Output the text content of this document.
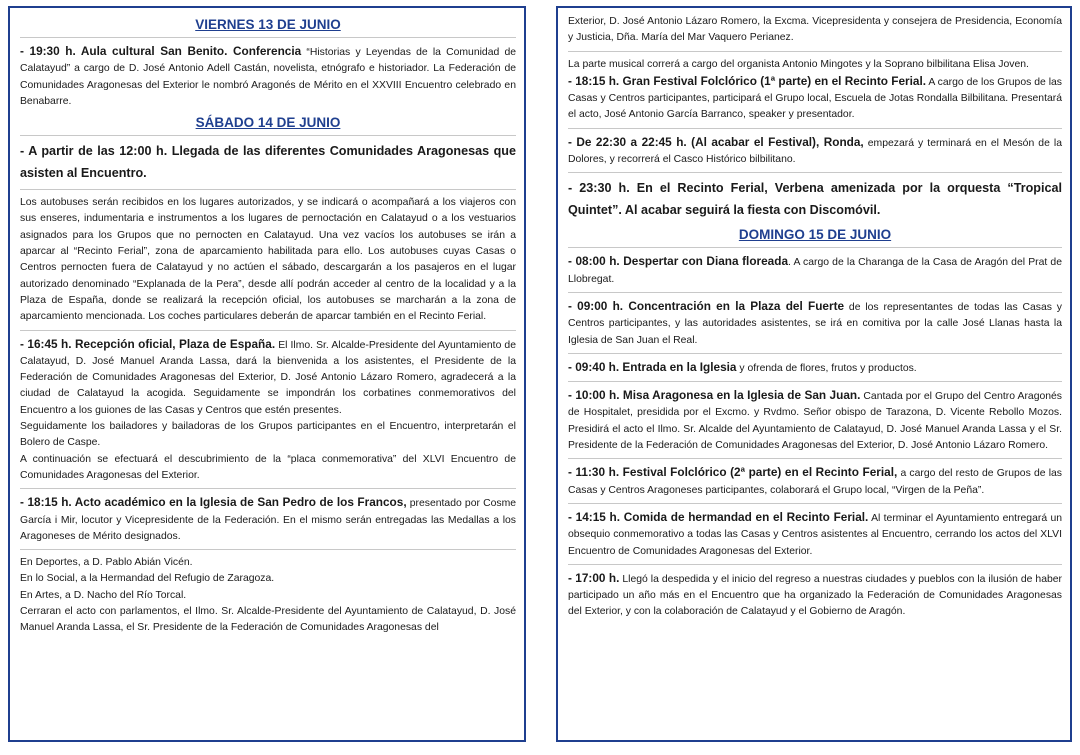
VIERNES 13 DE JUNIO

- 19:30 h. Aula cultural San Benito. Conferencia “Historias y Leyendas de la Comunidad de Calatayud” a cargo de D. José Antonio Adell Castán, novelista, etnógrafo e historiador. La Federación de Comunidades Aragonesas del Exterior le nombró Aragonés de Mérito en el XXVIII Encuentro celebrado en Benabarre.

SÁBADO 14 DE JUNIO

- A partir de las 12:00 h. Llegada de las diferentes Comunidades Aragonesas que asisten al Encuentro.

Los autobuses serán recibidos en los lugares autorizados, y se indicará o acompañará a los viajeros con sus enseres, indumentaria e instrumentos a los lugares de pernoctación en Calatayud o a los vestuarios asignados para los Grupos que no pernocten en Calatayud. Una vez vacíos los autobuses se irán a aparcar al “Recinto Ferial”, zona de aparcamiento habilitada para ello. Los autobuses cuyas Casas o Centros pernocten fuera de Calatayud y no actúen el sábado, descargarán a los pasajeros en el lugar autorizado denominado “Explanada de la Pera”, desde allí podrán acceder al centro de la localidad y a la Plaza de España, donde se realizará la recepción oficial, los autobuses se marcharán a la zona de aparcamiento mencionada. Los coches particulares deberán de aparcar también en el Recinto Ferial.

- 16:45 h. Recepción oficial, Plaza de España. El Ilmo. Sr. Alcalde-Presidente del Ayuntamiento de Calatayud, D. José Manuel Aranda Lassa, dará la bienvenida a los asistentes, el Presidente de la Federación de Comunidades Aragonesas del Exterior, D. José Antonio Lázaro Romero, agradecerá a la ciudad de Calatayud la acogida. Seguidamente se impondrán los corbatines conmemorativos del Encuentro a los guiones de las Casas y Centros que estén presentes.

Seguidamente los bailadores y bailadoras de los Grupos participantes en el Encuentro, interpretarán el Bolero de Caspe.

A continuación se efectuará el descubrimiento de la “placa conmemorativa” del XLVI Encuentro de Comunidades Aragonesas del Exterior.

- 18:15 h. Acto académico en la Iglesia de San Pedro de los Francos, presentado por Cosme García i Mir, locutor y Vicepresidente de la Federación. En el mismo serán entregadas las Medallas a los Aragoneses de Mérito designados.

En Deportes, a D. Pablo Abián Vicén.

En lo Social, a la Hermandad del Refugio de Zaragoza.

En Artes, a D. Nacho del Río Torcal.

Cerraran el acto con parlamentos, el Ilmo. Sr. Alcalde-Presidente del Ayuntamiento de Calatayud, D. José Manuel Aranda Lassa, el Sr. Presidente de la Federación de Comunidades Aragonesas del

Exterior, D. José Antonio Lázaro Romero, la Excma. Vicepresidenta y consejera de Presidencia, Economía y Justicia, Dña. María del Mar Vaquero Perianez.

La parte musical correrá a cargo del organista Antonio Mingotes y la Soprano bilbilitana Elisa Joven.

- 18:15 h. Gran Festival Folclórico (1ª parte) en el Recinto Ferial. A cargo de los Grupos de las Casas y Centros participantes, participará el Grupo local, Escuela de Jotas Rondalla Bilbilitana. Presentará el acto, José Antonio García Barranco, speaker y presentador.

- De 22:30 a 22:45 h. (Al acabar el Festival), Ronda, empezará y terminará en el Mesón de la Dolores, y recorrerá el Casco Histórico bilbilitano.

- 23:30 h. En el Recinto Ferial, Verbena amenizada por la orquesta “Tropical Quintet”. Al acabar seguirá la fiesta con Discomóvil.

DOMINGO 15 DE JUNIO

- 08:00 h. Despertar con Diana floreada. A cargo de la Charanga de la Casa de Aragón del Prat de Llobregat.

- 09:00 h. Concentración en la Plaza del Fuerte de los representantes de todas las Casas y Centros participantes, y las autoridades asistentes, se irá en comitiva por la calle José Llanas hasta la Iglesia de San Juan el Real.

- 09:40 h. Entrada en la Iglesia y ofrenda de flores, frutos y productos.

- 10:00 h. Misa Aragonesa en la Iglesia de San Juan. Cantada por el Grupo del Centro Aragonés de Hospitalet, presidida por el Excmo. y Rvdmo. Señor obispo de Tarazona, D. Vicente Rebollo Mozos. Presidirá el acto el Ilmo. Sr. Alcalde del Ayuntamiento de Calatayud, D. José Manuel Aranda Lassa y el Sr. Presidente de la Federación de Comunidades Aragonesas del Exterior, D. José Antonio Lázaro Romero.

- 11:30 h. Festival Folclórico (2ª parte) en el Recinto Ferial, a cargo del resto de Grupos de las Casas y Centros Aragoneses participantes, colaborará el Grupo local, “Virgen de la Peña”.

- 14:15 h. Comida de hermandad en el Recinto Ferial. Al terminar el Ayuntamiento entregará un obsequio conmemorativo a todas las Casas y Centros asistentes al Encuentro, cerrando los actos del XLVI Encuentro de Comunidades Aragonesas del Exterior.

- 17:00 h. Llegó la despedida y el inicio del regreso a nuestras ciudades y pueblos con la ilusión de haber participado un año más en el Encuentro que ha organizado la Federación de Comunidades Aragonesas del Exterior, y con la colaboración de Calatayud y el Gobierno de Aragón.
